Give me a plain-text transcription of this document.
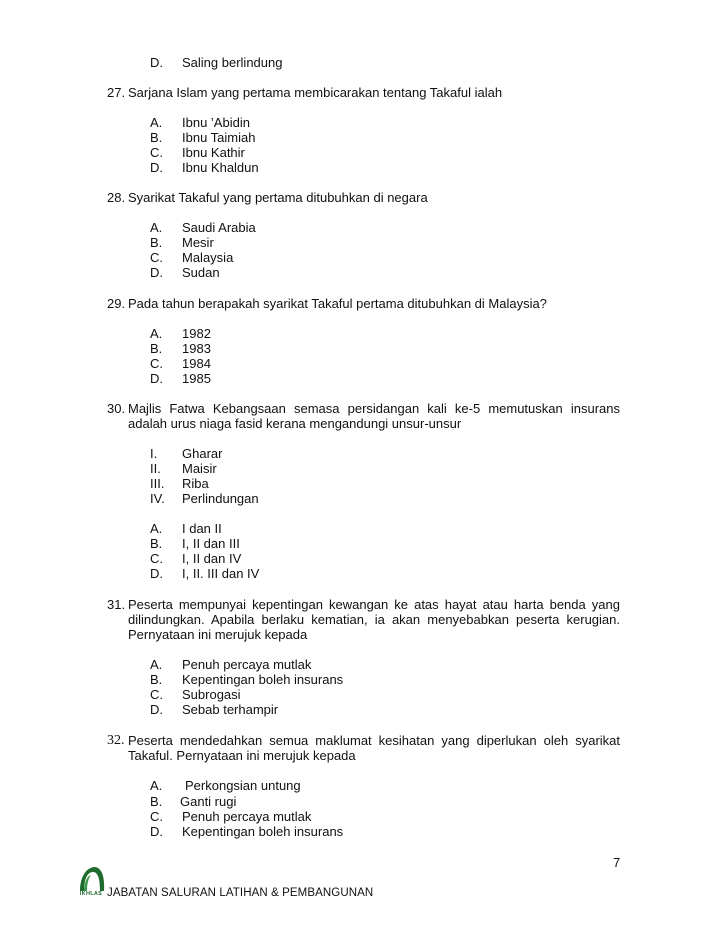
D. Saling berlindung
27. Sarjana Islam yang pertama membicarakan tentang Takaful ialah
A. Ibnu ’Abidin
B. Ibnu Taimiah
C. Ibnu Kathir
D. Ibnu Khaldun
28. Syarikat Takaful yang pertama ditubuhkan di negara
A. Saudi Arabia
B. Mesir
C. Malaysia
D. Sudan
29. Pada tahun berapakah syarikat Takaful pertama ditubuhkan di Malaysia?
A. 1982
B. 1983
C. 1984
D. 1985
30. Majlis Fatwa Kebangsaan semasa persidangan kali ke-5 memutuskan insurans
adalah urus niaga fasid kerana mengandungi unsur-unsur
I. Gharar
II. Maisir
III. Riba
IV. Perlindungan
A. I dan II
B. I, II dan III
C. I, II dan IV
D. I, II. III dan IV
31. Peserta mempunyai kepentingan kewangan ke atas hayat atau harta benda yang
dilindungkan. Apabila berlaku kematian, ia akan menyebabkan peserta kerugian.
Pernyataan ini merujuk kepada
A. Penuh percaya mutlak
B. Kepentingan boleh insurans
C. Subrogasi
D. Sebab terhampir
32. Peserta mendedahkan semua maklumat kesihatan yang diperlukan oleh syarikat
Takaful. Pernyataan ini merujuk kepada
A. Perkongsian untung
B. Ganti rugi
C. Penuh percaya mutlak
D. Kepentingan boleh insurans
7
IKHLAS JABATAN SALURAN LATIHAN & PEMBANGUNAN
